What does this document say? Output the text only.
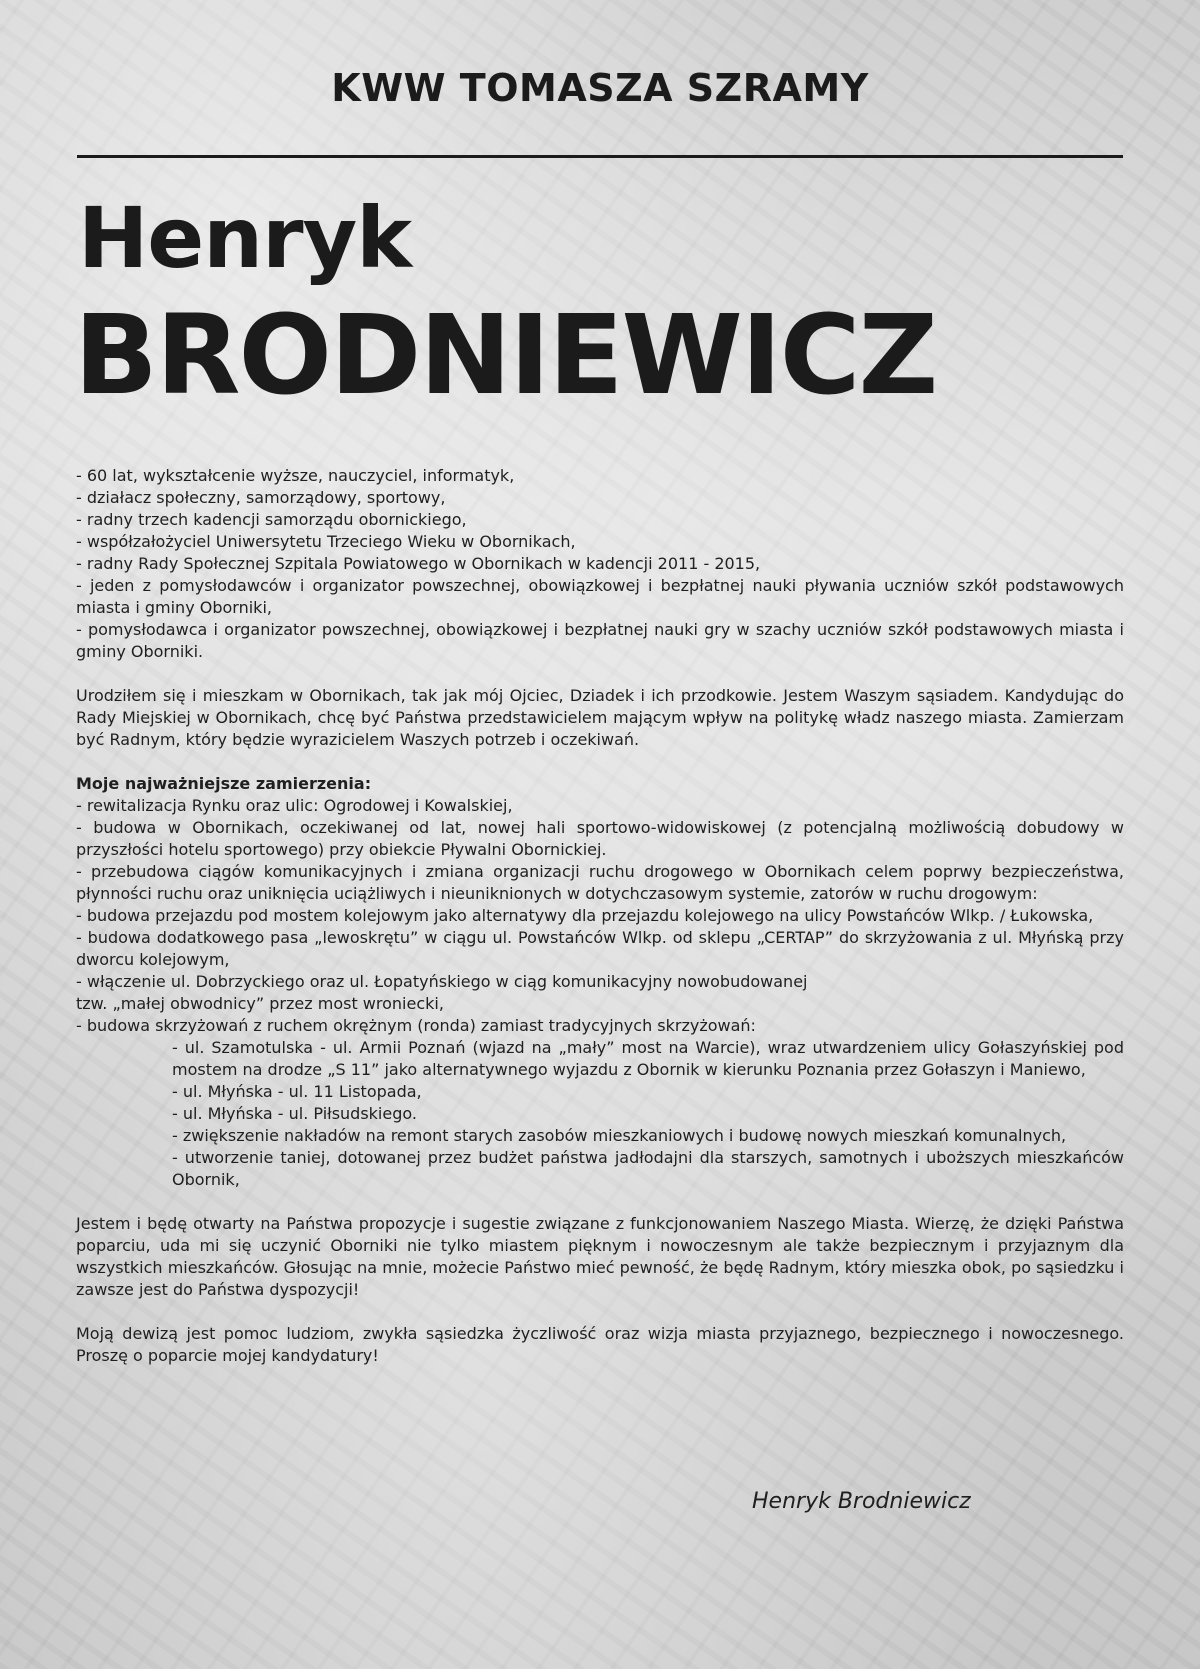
KWW TOMASZA SZRAMY
Henryk
BRODNIEWICZ

- 60 lat, wykształcenie wyższe, nauczyciel, informatyk,

- działacz społeczny, samorządowy, sportowy,

- radny trzech kadencji samorządu obornickiego,

- współzałożyciel Uniwersytetu Trzeciego Wieku w Obornikach,

- radny Rady Społecznej Szpitala Powiatowego w Obornikach w kadencji 2011 - 2015,

- jeden z pomysłodawców i organizator powszechnej, obowiązkowej i bezpłatnej nauki pływania uczniów szkół podstawowych miasta i gminy Oborniki,

- pomysłodawca i organizator powszechnej, obowiązkowej i bezpłatnej nauki gry w szachy uczniów szkół podstawowych miasta i gminy Oborniki.

Urodziłem się i mieszkam w Obornikach, tak jak mój Ojciec, Dziadek i ich przodkowie. Jestem Waszym sąsiadem. Kandydując do Rady Miejskiej w Obornikach, chcę być Państwa przedstawicielem mającym wpływ na politykę władz naszego miasta. Zamierzam być Radnym, który będzie wyrazicielem Waszych potrzeb i oczekiwań.

Moje najważniejsze zamierzenia:

- rewitalizacja Rynku oraz ulic: Ogrodowej i Kowalskiej,

- budowa w Obornikach, oczekiwanej od lat, nowej hali sportowo-widowiskowej (z potencjalną możliwością dobudowy w przyszłości hotelu sportowego) przy obiekcie Pływalni Obornickiej.

- przebudowa ciągów komunikacyjnych i zmiana organizacji ruchu drogowego w Obornikach celem poprwy bezpieczeństwa, płynności ruchu oraz uniknięcia uciążliwych i nieuniknionych w dotychczasowym systemie, zatorów w ruchu drogowym:

- budowa przejazdu pod mostem kolejowym jako alternatywy dla przejazdu kolejowego na ulicy Powstańców Wlkp. / Łukowska,

- budowa dodatkowego pasa „lewoskrętu” w ciągu ul. Powstańców Wlkp. od sklepu „CERTAP” do skrzyżowania z ul. Młyńską przy dworcu kolejowym,

- włączenie ul. Dobrzyckiego oraz ul. Łopatyńskiego w ciąg komunikacyjny nowobudowanej

tzw. „małej obwodnicy” przez most wroniecki,

- budowa skrzyżowań z ruchem okrężnym (ronda) zamiast tradycyjnych skrzyżowań:

- ul. Szamotulska - ul. Armii Poznań (wjazd na „mały” most na Warcie), wraz utwardzeniem ulicy Gołaszyńskiej pod mostem na drodze „S 11” jako alternatywnego wyjazdu z Obornik w kierunku Poznania przez Gołaszyn i Maniewo,

- ul. Młyńska - ul. 11 Listopada,

- ul. Młyńska - ul. Piłsudskiego.

- zwiększenie nakładów na remont starych zasobów mieszkaniowych i budowę nowych mieszkań komunalnych,

- utworzenie taniej, dotowanej przez budżet państwa jadłodajni dla starszych, samotnych i uboższych mieszkańców Obornik,

Jestem i będę otwarty na Państwa propozycje i sugestie związane z funkcjonowaniem Naszego Miasta. Wierzę, że dzięki Państwa poparciu, uda mi się uczynić Oborniki nie tylko miastem pięknym i nowoczesnym ale także bezpiecznym i przyjaznym dla wszystkich mieszkańców. Głosując na mnie, możecie Państwo mieć pewność, że będę Radnym, który mieszka obok, po sąsiedzku i zawsze jest do Państwa dyspozycji!

Moją dewizą jest pomoc ludziom, zwykła sąsiedzka życzliwość oraz wizja miasta przyjaznego, bezpiecznego i nowoczesnego. Proszę o poparcie mojej kandydatury!

Henryk Brodniewicz
